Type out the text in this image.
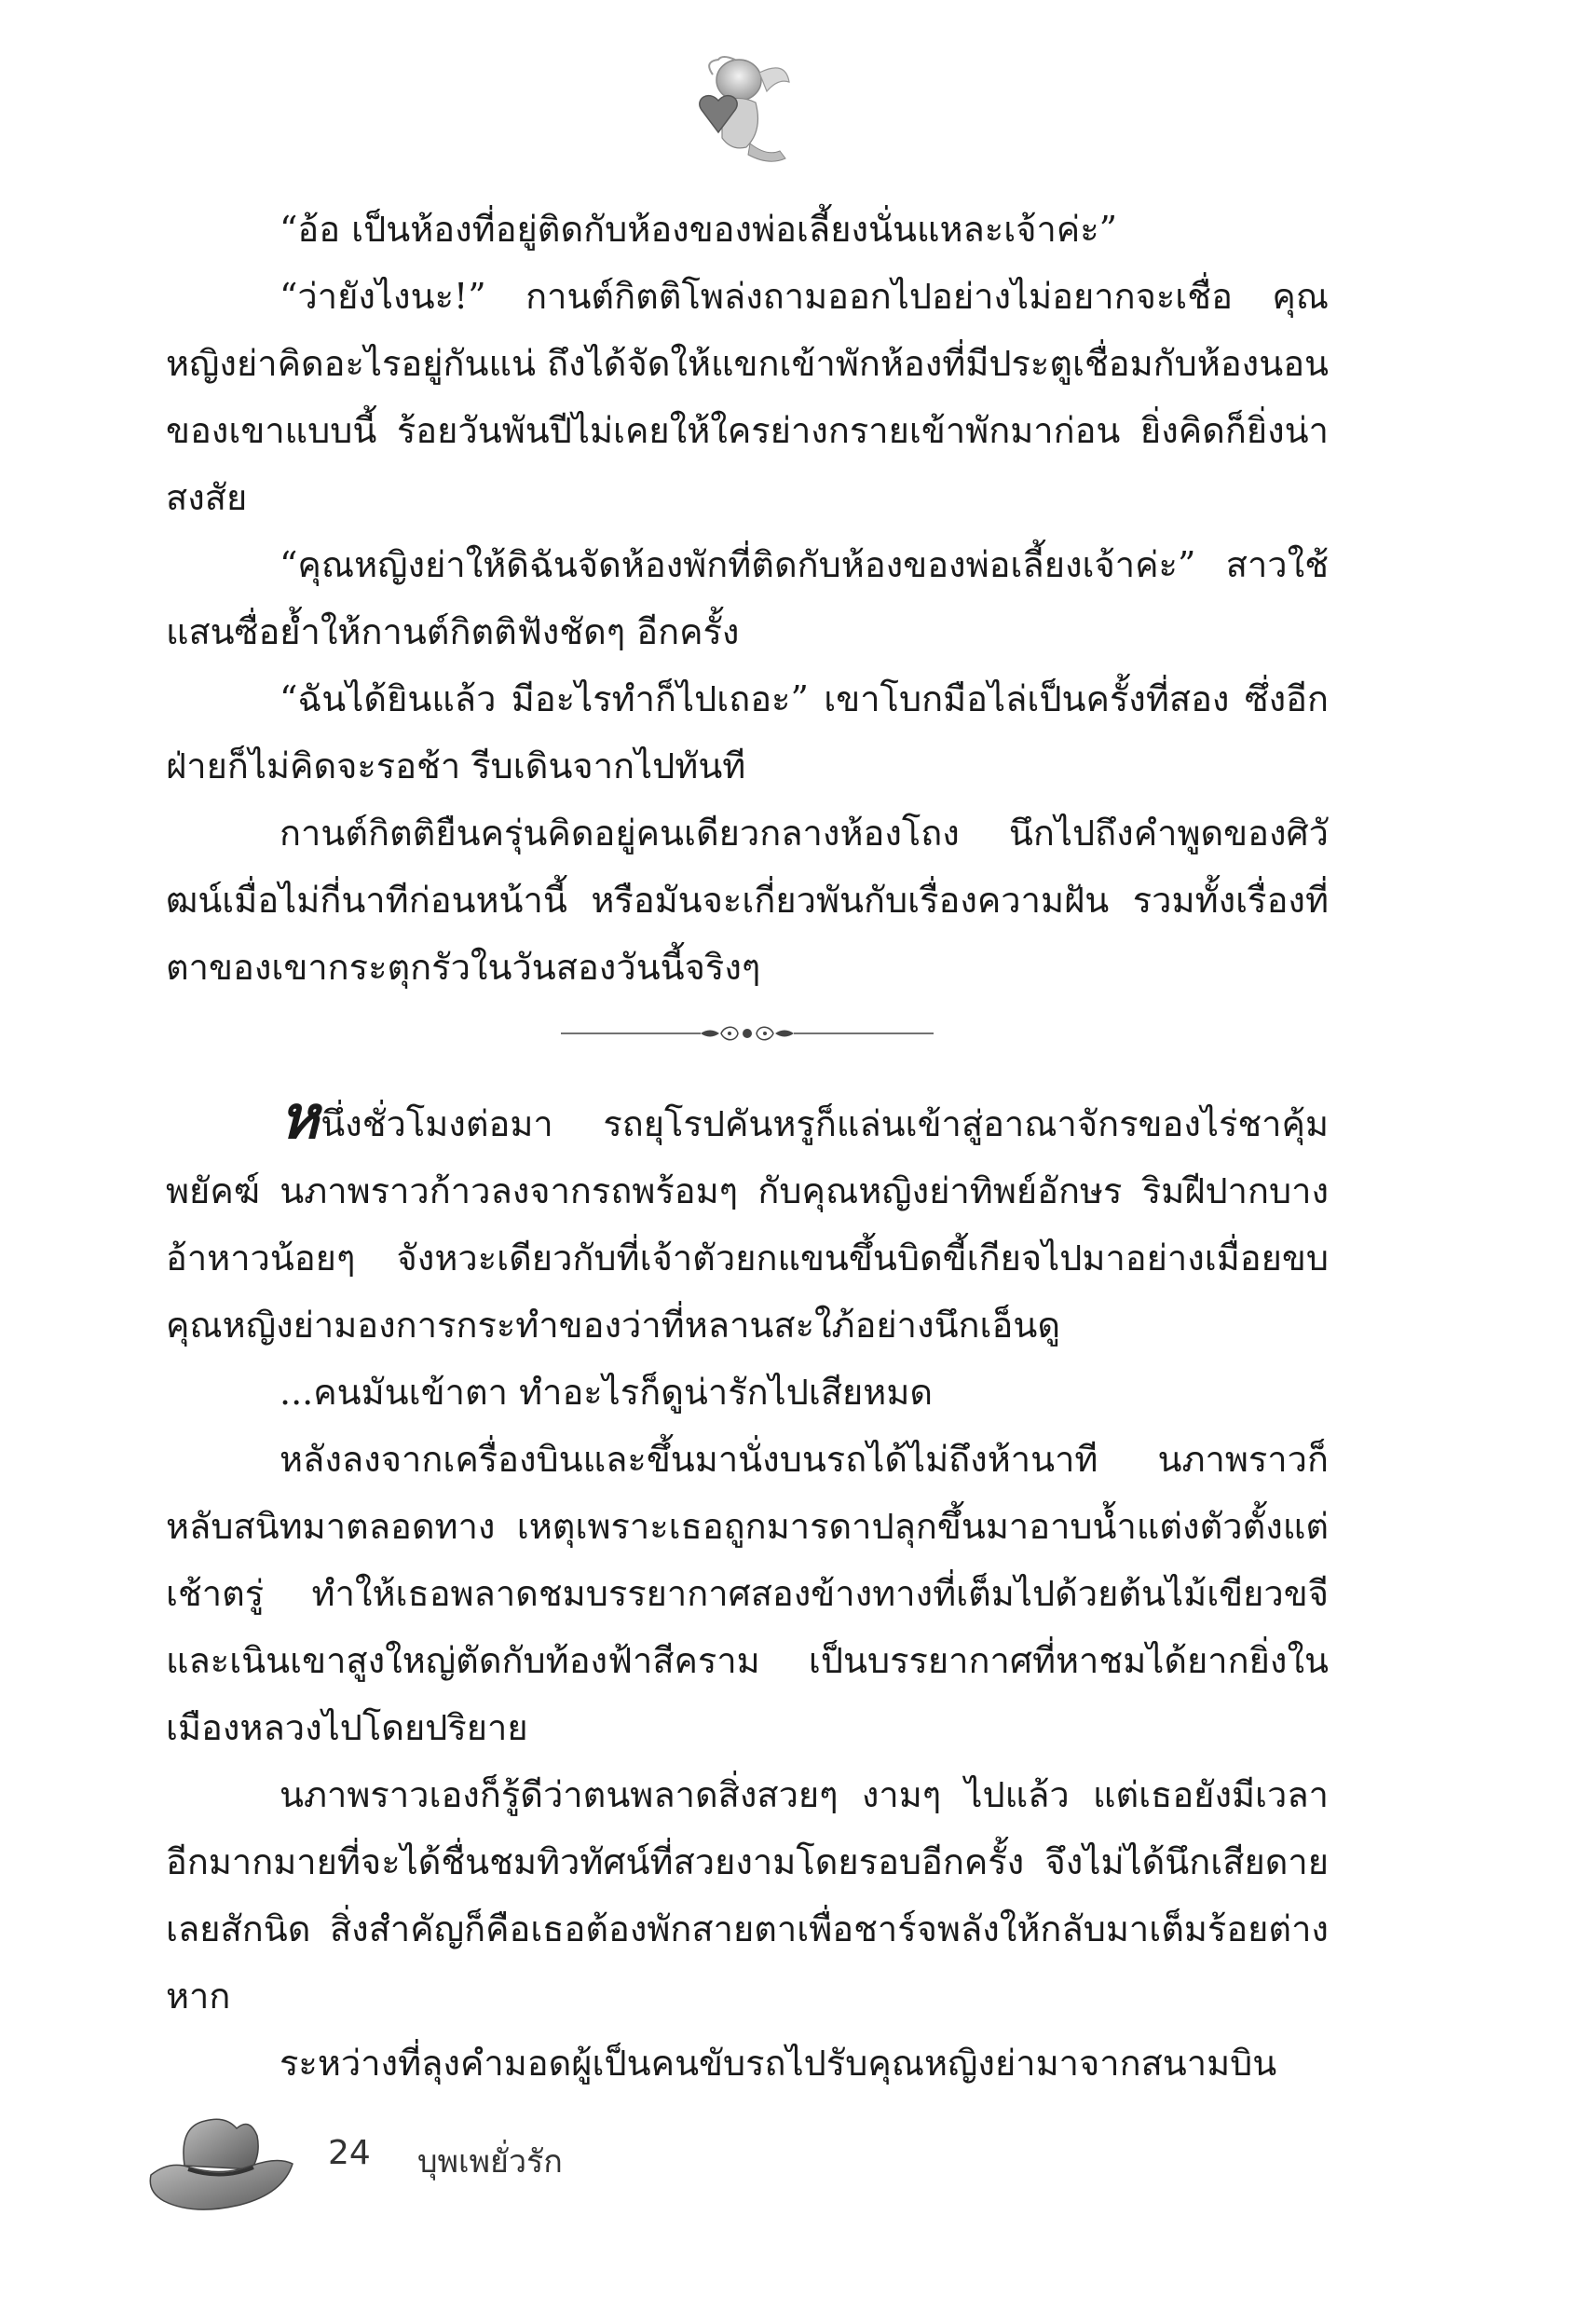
“อ้อ เป็นห้องที่อยู่ติดกับห้องของพ่อเลี้ยงนั่นแหละเจ้าค่ะ”

“ว่ายังไงนะ!” กานต์กิตติโพล่งถามออกไปอย่างไม่อยากจะเชื่อ คุณหญิงย่าคิดอะไรอยู่กันแน่ ถึงได้จัดให้แขกเข้าพักห้องที่มีประตูเชื่อมกับห้องนอนของเขาแบบนี้ ร้อยวันพันปีไม่เคยให้ใครย่างกรายเข้าพักมาก่อน ยิ่งคิดก็ยิ่งน่าสงสัย

“คุณหญิงย่าให้ดิฉันจัดห้องพักที่ติดกับห้องของพ่อเลี้ยงเจ้าค่ะ” สาวใช้แสนซื่อย้ำให้กานต์กิตติฟังชัดๆ อีกครั้ง

“ฉันได้ยินแล้ว มีอะไรทำก็ไปเถอะ” เขาโบกมือไล่เป็นครั้งที่สอง ซึ่งอีกฝ่ายก็ไม่คิดจะรอช้า รีบเดินจากไปทันที

กานต์กิตติยืนครุ่นคิดอยู่คนเดียวกลางห้องโถง นึกไปถึงคำพูดของศิวัฒน์เมื่อไม่กี่นาทีก่อนหน้านี้ หรือมันจะเกี่ยวพันกับเรื่องความฝัน รวมทั้งเรื่องที่ตาของเขากระตุกรัวในวันสองวันนี้จริงๆ

หนึ่งชั่วโมงต่อมา รถยุโรปคันหรูก็แล่นเข้าสู่อาณาจักรของไร่ชาคุ้มพยัคฆ์ นภาพราวก้าวลงจากรถพร้อมๆ กับคุณหญิงย่าทิพย์อักษร ริมฝีปากบางอ้าหาวน้อยๆ จังหวะเดียวกับที่เจ้าตัวยกแขนขึ้นบิดขี้เกียจไปมาอย่างเมื่อยขบ คุณหญิงย่ามองการกระทำของว่าที่หลานสะใภ้อย่างนึกเอ็นดู

...คนมันเข้าตา ทำอะไรก็ดูน่ารักไปเสียหมด

หลังลงจากเครื่องบินและขึ้นมานั่งบนรถได้ไม่ถึงห้านาที นภาพราวก็หลับสนิทมาตลอดทาง เหตุเพราะเธอถูกมารดาปลุกขึ้นมาอาบน้ำแต่งตัวตั้งแต่เช้าตรู่ ทำให้เธอพลาดชมบรรยากาศสองข้างทางที่เต็มไปด้วยต้นไม้เขียวขจีและเนินเขาสูงใหญ่ตัดกับท้องฟ้าสีคราม เป็นบรรยากาศที่หาชมได้ยากยิ่งในเมืองหลวงไปโดยปริยาย

นภาพราวเองก็รู้ดีว่าตนพลาดสิ่งสวยๆ งามๆ ไปแล้ว แต่เธอยังมีเวลาอีกมากมายที่จะได้ชื่นชมทิวทัศน์ที่สวยงามโดยรอบอีกครั้ง จึงไม่ได้นึกเสียดายเลยสักนิด สิ่งสำคัญก็คือเธอต้องพักสายตาเพื่อชาร์จพลังให้กลับมาเต็มร้อยต่างหาก

ระหว่างที่ลุงคำมอดผู้เป็นคนขับรถไปรับคุณหญิงย่ามาจากสนามบิน

24 บุพเพยั่วรัก
